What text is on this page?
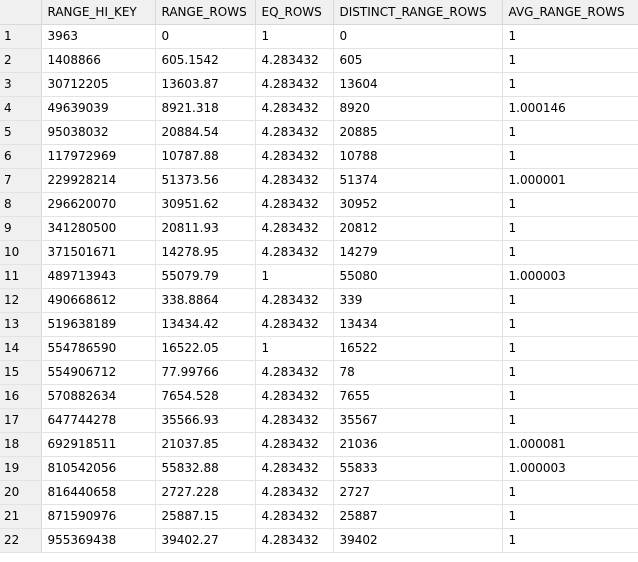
	RANGE_HI_KEY	RANGE_ROWS	EQ_ROWS	DISTINCT_RANGE_ROWS	AVG_RANGE_ROWS
1	3963	0	1	0	1
2	1408866	605.1542	4.283432	605	1
3	30712205	13603.87	4.283432	13604	1
4	49639039	8921.318	4.283432	8920	1.000146
5	95038032	20884.54	4.283432	20885	1
6	117972969	10787.88	4.283432	10788	1
7	229928214	51373.56	4.283432	51374	1.000001
8	296620070	30951.62	4.283432	30952	1
9	341280500	20811.93	4.283432	20812	1
10	371501671	14278.95	4.283432	14279	1
11	489713943	55079.79	1	55080	1.000003
12	490668612	338.8864	4.283432	339	1
13	519638189	13434.42	4.283432	13434	1
14	554786590	16522.05	1	16522	1
15	554906712	77.99766	4.283432	78	1
16	570882634	7654.528	4.283432	7655	1
17	647744278	35566.93	4.283432	35567	1
18	692918511	21037.85	4.283432	21036	1.000081
19	810542056	55832.88	4.283432	55833	1.000003
20	816440658	2727.228	4.283432	2727	1
21	871590976	25887.15	4.283432	25887	1
22	955369438	39402.27	4.283432	39402	1
